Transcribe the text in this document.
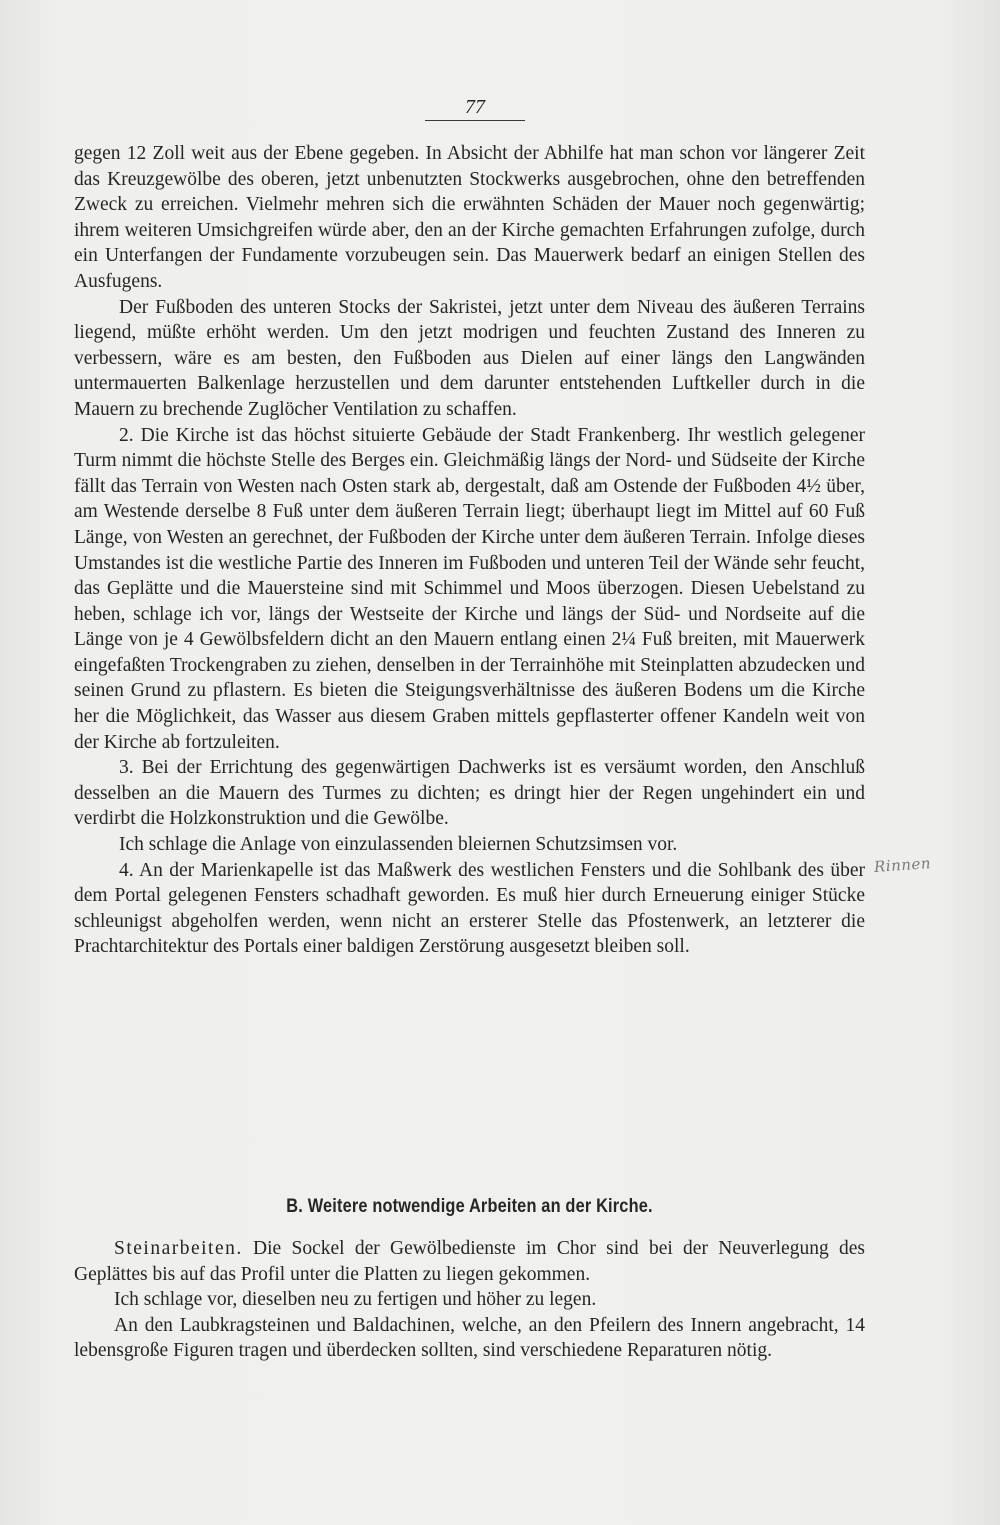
77

gegen 12 Zoll weit aus der Ebene gegeben. In Absicht der Abhilfe hat man schon vor längerer Zeit das Kreuzgewölbe des oberen, jetzt unbenutzten Stockwerks ausgebrochen, ohne den betreffenden Zweck zu erreichen. Vielmehr mehren sich die erwähnten Schäden der Mauer noch gegenwärtig; ihrem weiteren Umsichgreifen würde aber, den an der Kirche gemachten Erfahrungen zufolge, durch ein Unterfangen der Fundamente vorzubeugen sein. Das Mauerwerk bedarf an einigen Stellen des Ausfugens.

Der Fußboden des unteren Stocks der Sakristei, jetzt unter dem Niveau des äußeren Terrains liegend, müßte erhöht werden. Um den jetzt modrigen und feuchten Zustand des Inneren zu verbessern, wäre es am besten, den Fußboden aus Dielen auf einer längs den Langwänden untermauerten Balkenlage herzustellen und dem darunter entstehenden Luftkeller durch in die Mauern zu brechende Zuglöcher Ventilation zu schaffen.

2. Die Kirche ist das höchst situierte Gebäude der Stadt Frankenberg. Ihr westlich gelegener Turm nimmt die höchste Stelle des Berges ein. Gleichmäßig längs der Nord- und Südseite der Kirche fällt das Terrain von Westen nach Osten stark ab, dergestalt, daß am Ostende der Fußboden 4½ über, am Westende derselbe 8 Fuß unter dem äußeren Terrain liegt; überhaupt liegt im Mittel auf 60 Fuß Länge, von Westen an gerechnet, der Fußboden der Kirche unter dem äußeren Terrain. Infolge dieses Umstandes ist die westliche Partie des Inneren im Fußboden und unteren Teil der Wände sehr feucht, das Geplätte und die Mauersteine sind mit Schimmel und Moos überzogen. Diesen Uebelstand zu heben, schlage ich vor, längs der Westseite der Kirche und längs der Süd- und Nordseite auf die Länge von je 4 Gewölbsfeldern dicht an den Mauern entlang einen 2¼ Fuß breiten, mit Mauerwerk eingefaßten Trockengraben zu ziehen, denselben in der Terrainhöhe mit Steinplatten abzudecken und seinen Grund zu pflastern. Es bieten die Steigungsverhältnisse des äußeren Bodens um die Kirche her die Möglichkeit, das Wasser aus diesem Graben mittels gepflasterter offener Kandeln weit von der Kirche ab fortzuleiten.

3. Bei der Errichtung des gegenwärtigen Dachwerks ist es versäumt worden, den Anschluß desselben an die Mauern des Turmes zu dichten; es dringt hier der Regen ungehindert ein und verdirbt die Holzkonstruktion und die Gewölbe.

Ich schlage die Anlage von einzulassenden bleiernen Schutzsimsen vor.

4. An der Marienkapelle ist das Maßwerk des westlichen Fensters und die Sohlbank des über dem Portal gelegenen Fensters schadhaft geworden. Es muß hier durch Erneuerung einiger Stücke schleunigst abgeholfen werden, wenn nicht an ersterer Stelle das Pfostenwerk, an letzterer die Prachtarchitektur des Portals einer baldigen Zerstörung ausgesetzt bleiben soll.

Rinnen
B. Weitere notwendige Arbeiten an der Kirche.

Steinarbeiten. Die Sockel der Gewölbedienste im Chor sind bei der Neuverlegung des Geplättes bis auf das Profil unter die Platten zu liegen gekommen.

Ich schlage vor, dieselben neu zu fertigen und höher zu legen.

An den Laubkragsteinen und Baldachinen, welche, an den Pfeilern des Innern angebracht, 14 lebensgroße Figuren tragen und überdecken sollten, sind verschiedene Reparaturen nötig.
